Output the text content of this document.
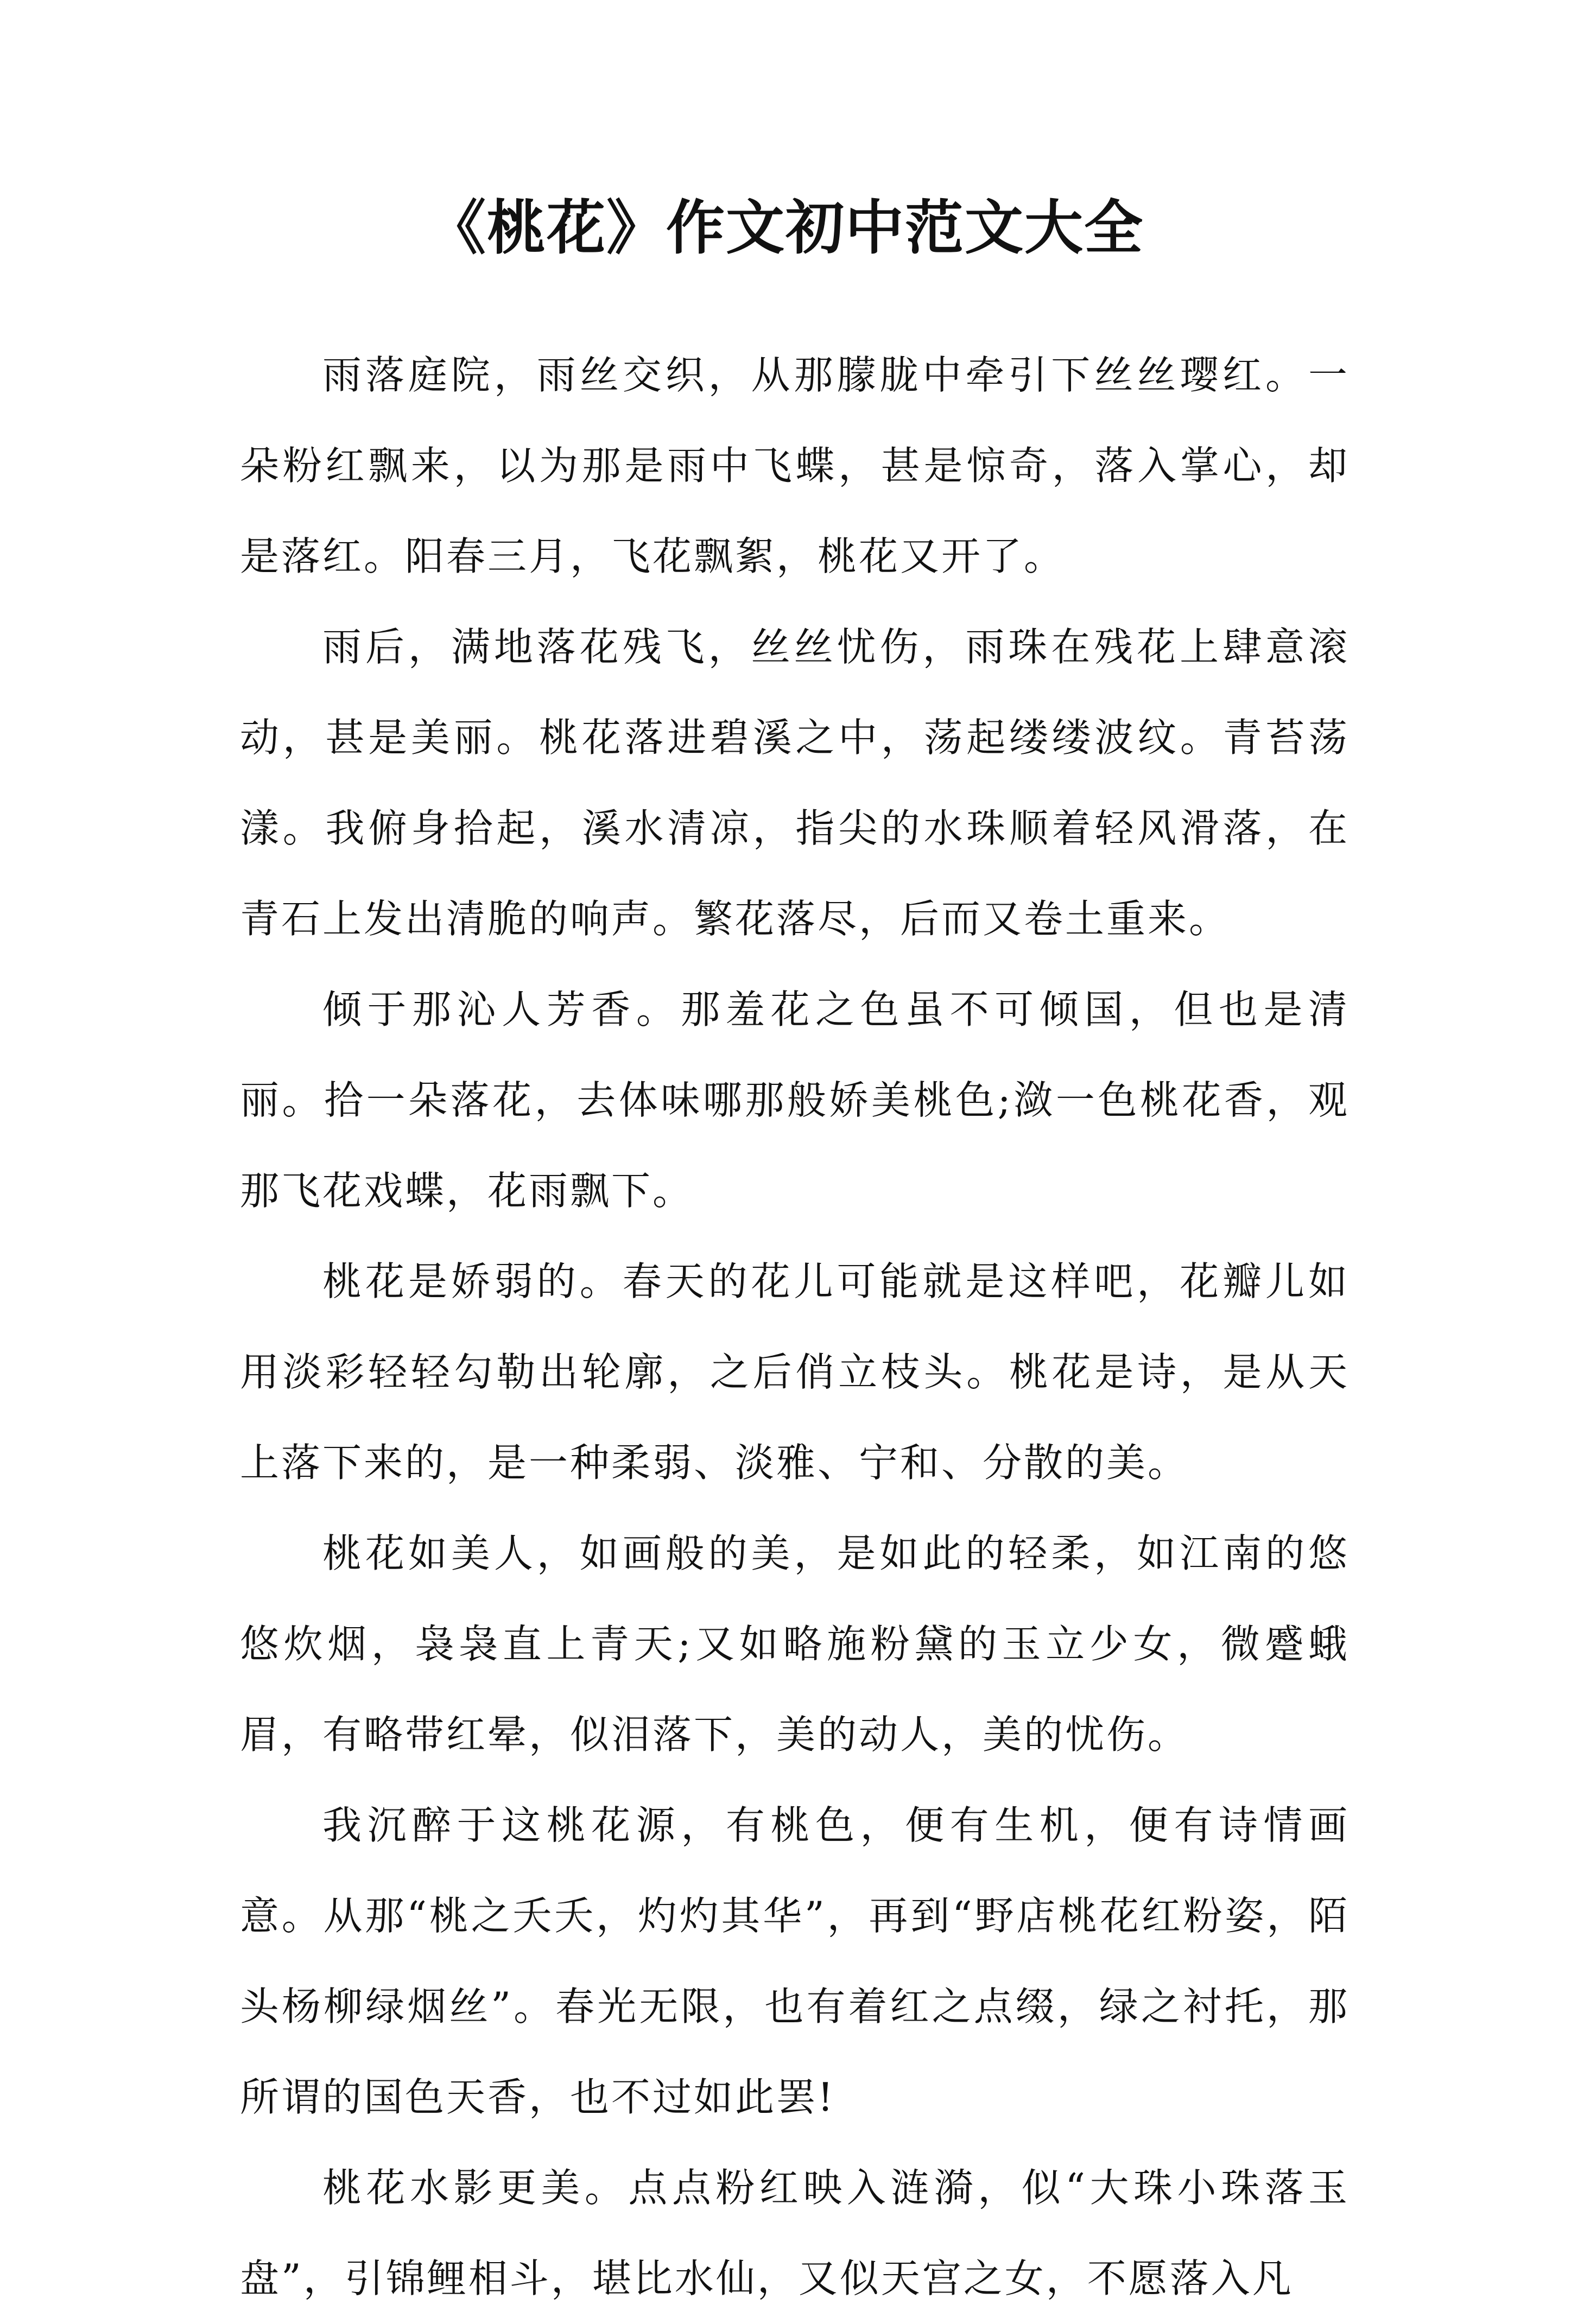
《桃花》作文初中范文大全

雨落庭院，雨丝交织，从那朦胧中牵引下丝丝璎红。一朵粉红飘来，以为那是雨中飞蝶，甚是惊奇，落入掌心，却是落红。阳春三月，飞花飘絮，桃花又开了。

雨后，满地落花残飞，丝丝忧伤，雨珠在残花上肆意滚动，甚是美丽。桃花落进碧溪之中，荡起缕缕波纹。青苔荡漾。我俯身拾起，溪水清凉，指尖的水珠顺着轻风滑落，在青石上发出清脆的响声。繁花落尽，后而又卷土重来。

倾于那沁人芳香。那羞花之色虽不可倾国，但也是清丽。拾一朵落花，去体味哪那般娇美桃色;潋一色桃花香，观那飞花戏蝶，花雨飘下。

桃花是娇弱的。春天的花儿可能就是这样吧，花瓣儿如用淡彩轻轻勾勒出轮廓，之后俏立枝头。桃花是诗，是从天上落下来的，是一种柔弱、淡雅、宁和、分散的美。

桃花如美人，如画般的美，是如此的轻柔，如江南的悠悠炊烟，袅袅直上青天;又如略施粉黛的玉立少女，微蹙蛾眉，有略带红晕，似泪落下，美的动人，美的忧伤。

我沉醉于这桃花源，有桃色，便有生机，便有诗情画意。从那“桃之夭夭，灼灼其华”，再到“野店桃花红粉姿，陌头杨柳绿烟丝”。春光无限，也有着红之点缀，绿之衬托，那所谓的国色天香，也不过如此罢!

桃花水影更美。点点粉红映入涟漪，似“大珠小珠落玉盘”，引锦鲤相斗，堪比水仙，又似天宫之女，不愿落入凡
